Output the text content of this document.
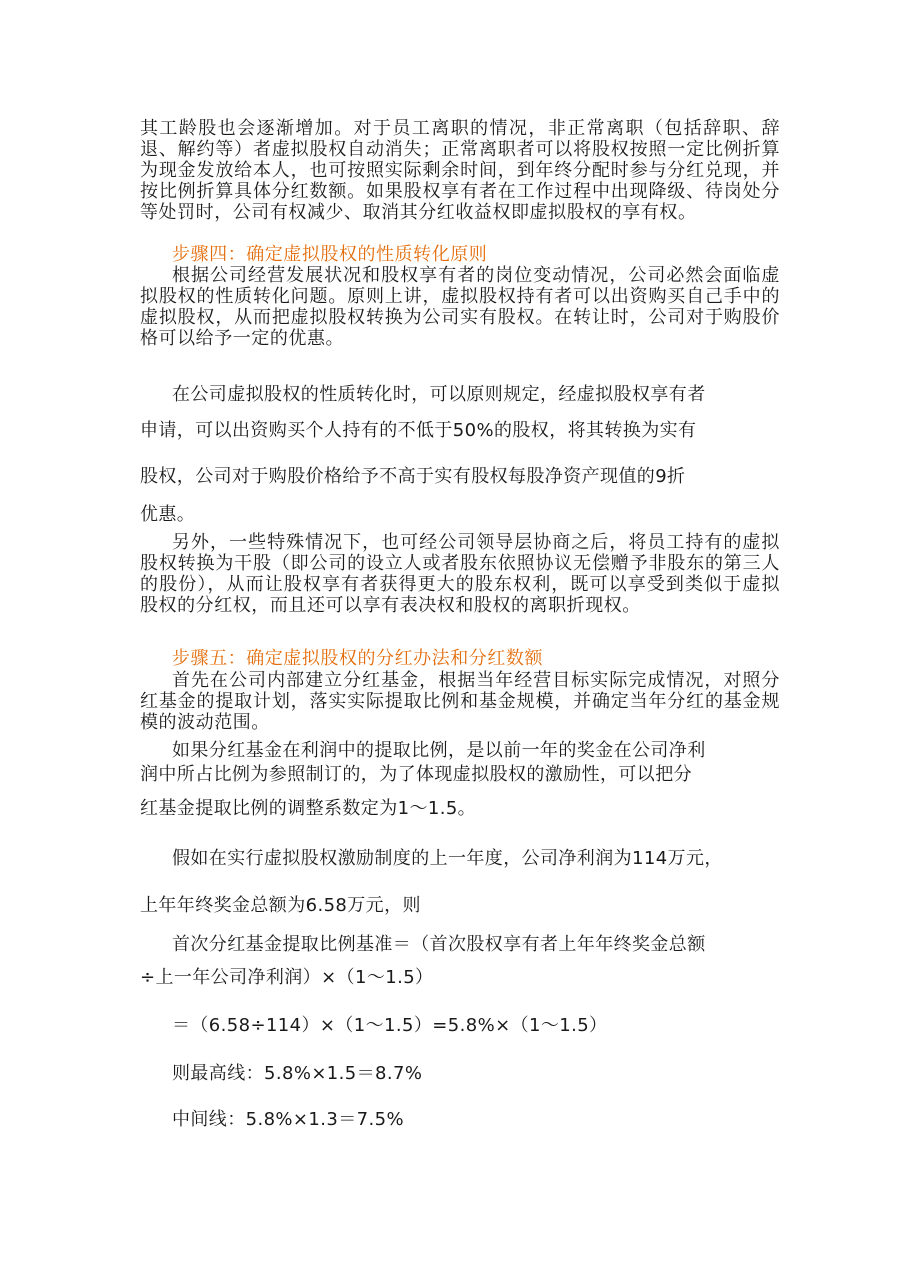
其工龄股也会逐渐增加。对于员工离职的情况，非正常离职（包括辞职、辞退、解约等）者虚拟股权自动消失；正常离职者可以将股权按照一定比例折算为现金发放给本人，也可按照实际剩余时间，到年终分配时参与分红兑现，并按比例折算具体分红数额。如果股权享有者在工作过程中出现降级、待岗处分等处罚时，公司有权减少、取消其分红收益权即虚拟股权的享有权。

步骤四：确定虚拟股权的性质转化原则

根据公司经营发展状况和股权享有者的岗位变动情况，公司必然会面临虚拟股权的性质转化问题。原则上讲，虚拟股权持有者可以出资购买自己手中的虚拟股权，从而把虚拟股权转换为公司实有股权。在转让时，公司对于购股价格可以给予一定的优惠。

在公司虚拟股权的性质转化时，可以原则规定，经虚拟股权享有者

申请，可以出资购买个人持有的不低于50%的股权，将其转换为实有

股权，公司对于购股价格给予不高于实有股权每股净资产现值的9折

优惠。

另外，一些特殊情况下，也可经公司领导层协商之后，将员工持有的虚拟股权转换为干股（即公司的设立人或者股东依照协议无偿赠予非股东的第三人的股份），从而让股权享有者获得更大的股东权利，既可以享受到类似于虚拟股权的分红权，而且还可以享有表决权和股权的离职折现权。

步骤五：确定虚拟股权的分红办法和分红数额

首先在公司内部建立分红基金，根据当年经营目标实际完成情况，对照分红基金的提取计划，落实实际提取比例和基金规模，并确定当年分红的基金规模的波动范围。

如果分红基金在利润中的提取比例，是以前一年的奖金在公司净利

润中所占比例为参照制订的，为了体现虚拟股权的激励性，可以把分

红基金提取比例的调整系数定为1～1.5。

假如在实行虚拟股权激励制度的上一年度，公司净利润为114万元，

上年年终奖金总额为6.58万元，则

首次分红基金提取比例基准＝（首次股权享有者上年年终奖金总额

÷上一年公司净利润）×（1～1.5）

＝（6.58÷114）×（1～1.5）=5.8%×（1～1.5）

则最高线：5.8%×1.5＝8.7%

中间线：5.8%×1.3＝7.5%
